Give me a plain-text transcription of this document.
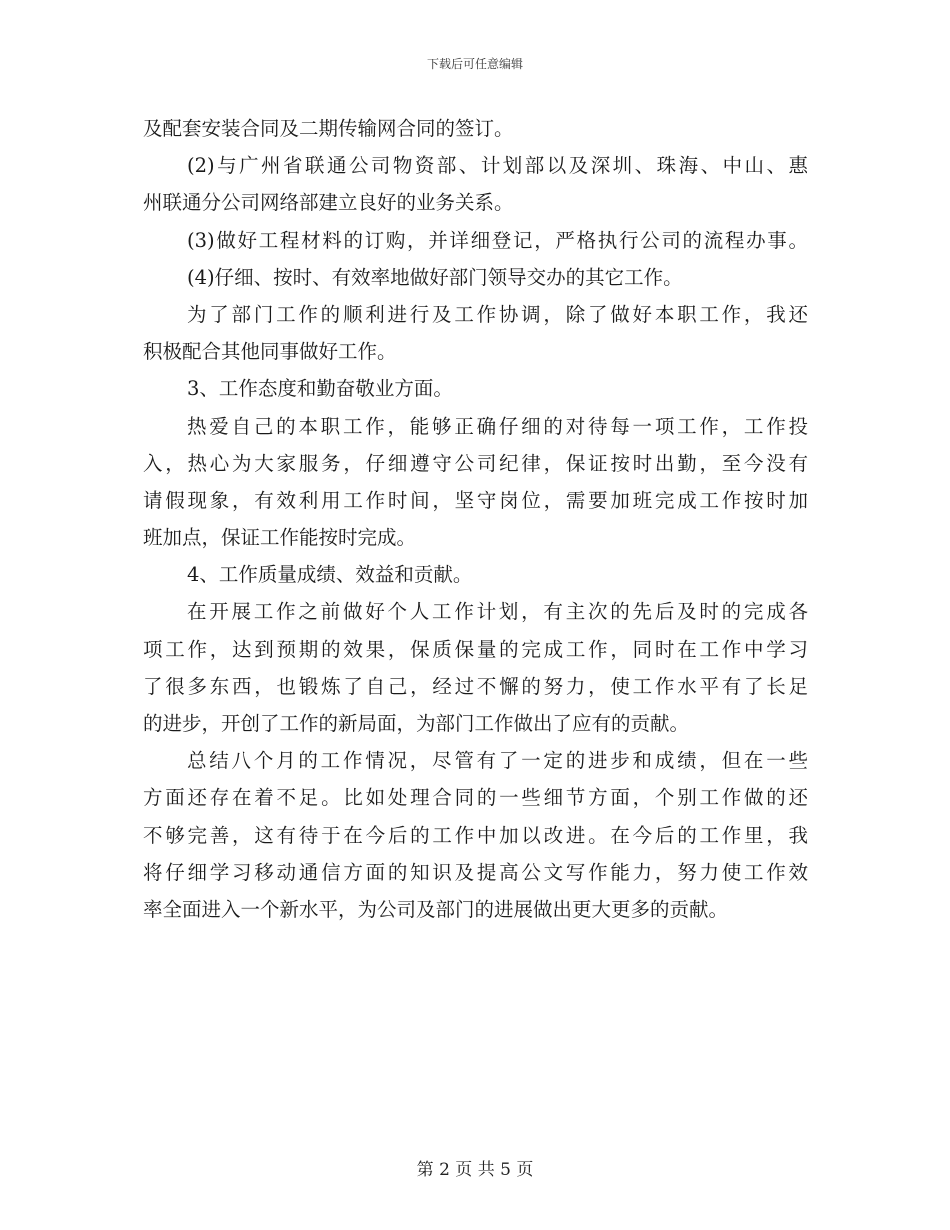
下载后可任意编辑
及配套安装合同及二期传输网合同的签订。
(2)与广州省联通公司物资部、计划部以及深圳、珠海、中山、惠
州联通分公司网络部建立良好的业务关系。
(3)做好工程材料的订购，并详细登记，严格执行公司的流程办事。
(4)仔细、按时、有效率地做好部门领导交办的其它工作。
为了部门工作的顺利进行及工作协调，除了做好本职工作，我还
积极配合其他同事做好工作。
3、工作态度和勤奋敬业方面。
热爱自己的本职工作，能够正确仔细的对待每一项工作，工作投
入，热心为大家服务，仔细遵守公司纪律，保证按时出勤，至今没有
请假现象，有效利用工作时间，坚守岗位，需要加班完成工作按时加
班加点，保证工作能按时完成。
4、工作质量成绩、效益和贡献。
在开展工作之前做好个人工作计划，有主次的先后及时的完成各
项工作，达到预期的效果，保质保量的完成工作，同时在工作中学习
了很多东西，也锻炼了自己，经过不懈的努力，使工作水平有了长足
的进步，开创了工作的新局面，为部门工作做出了应有的贡献。
总结八个月的工作情况，尽管有了一定的进步和成绩，但在一些
方面还存在着不足。比如处理合同的一些细节方面，个别工作做的还
不够完善，这有待于在今后的工作中加以改进。在今后的工作里，我
将仔细学习移动通信方面的知识及提高公文写作能力，努力使工作效
率全面进入一个新水平，为公司及部门的进展做出更大更多的贡献。
第 2 页 共 5 页
